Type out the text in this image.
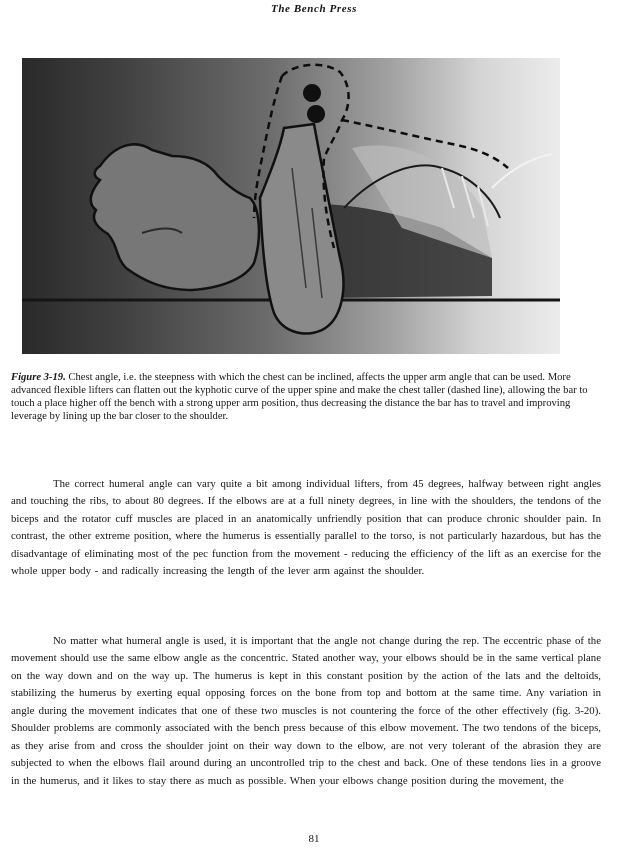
The Bench Press
Figure 3-19. Chest angle, i.e. the steepness with which the chest can be inclined, affects the upper arm angle that can be used. More advanced flexible lifters can flatten out the kyphotic curve of the upper spine and make the chest taller (dashed line), allowing the bar to touch a place higher off the bench with a strong upper arm position, thus decreasing the distance the bar has to travel and improving leverage by lining up the bar closer to the shoulder.

The correct humeral angle can vary quite a bit among individual lifters, from 45 degrees, halfway between right angles and touching the ribs, to about 80 degrees. If the elbows are at a full ninety degrees, in line with the shoulders, the tendons of the biceps and the rotator cuff muscles are placed in an anatomically unfriendly position that can produce chronic shoulder pain. In contrast, the other extreme position, where the humerus is essentially parallel to the torso, is not particularly hazardous, but has the disadvantage of eliminating most of the pec function from the movement - reducing the efficiency of the lift as an exercise for the whole upper body - and radically increasing the length of the lever arm against the shoulder.

No matter what humeral angle is used, it is important that the angle not change during the rep. The eccentric phase of the movement should use the same elbow angle as the concentric. Stated another way, your elbows should be in the same vertical plane on the way down and on the way up. The humerus is kept in this constant position by the action of the lats and the deltoids, stabilizing the humerus by exerting equal opposing forces on the bone from top and bottom at the same time. Any variation in angle during the movement indicates that one of these two muscles is not countering the force of the other effectively (fig. 3-20). Shoulder problems are commonly associated with the bench press because of this elbow movement. The two tendons of the biceps, as they arise from and cross the shoulder joint on their way down to the elbow, are not very tolerant of the abrasion they are subjected to when the elbows flail around during an uncontrolled trip to the chest and back. One of these tendons lies in a groove in the humerus, and it likes to stay there as much as possible. When your elbows change position during the movement, the

81
